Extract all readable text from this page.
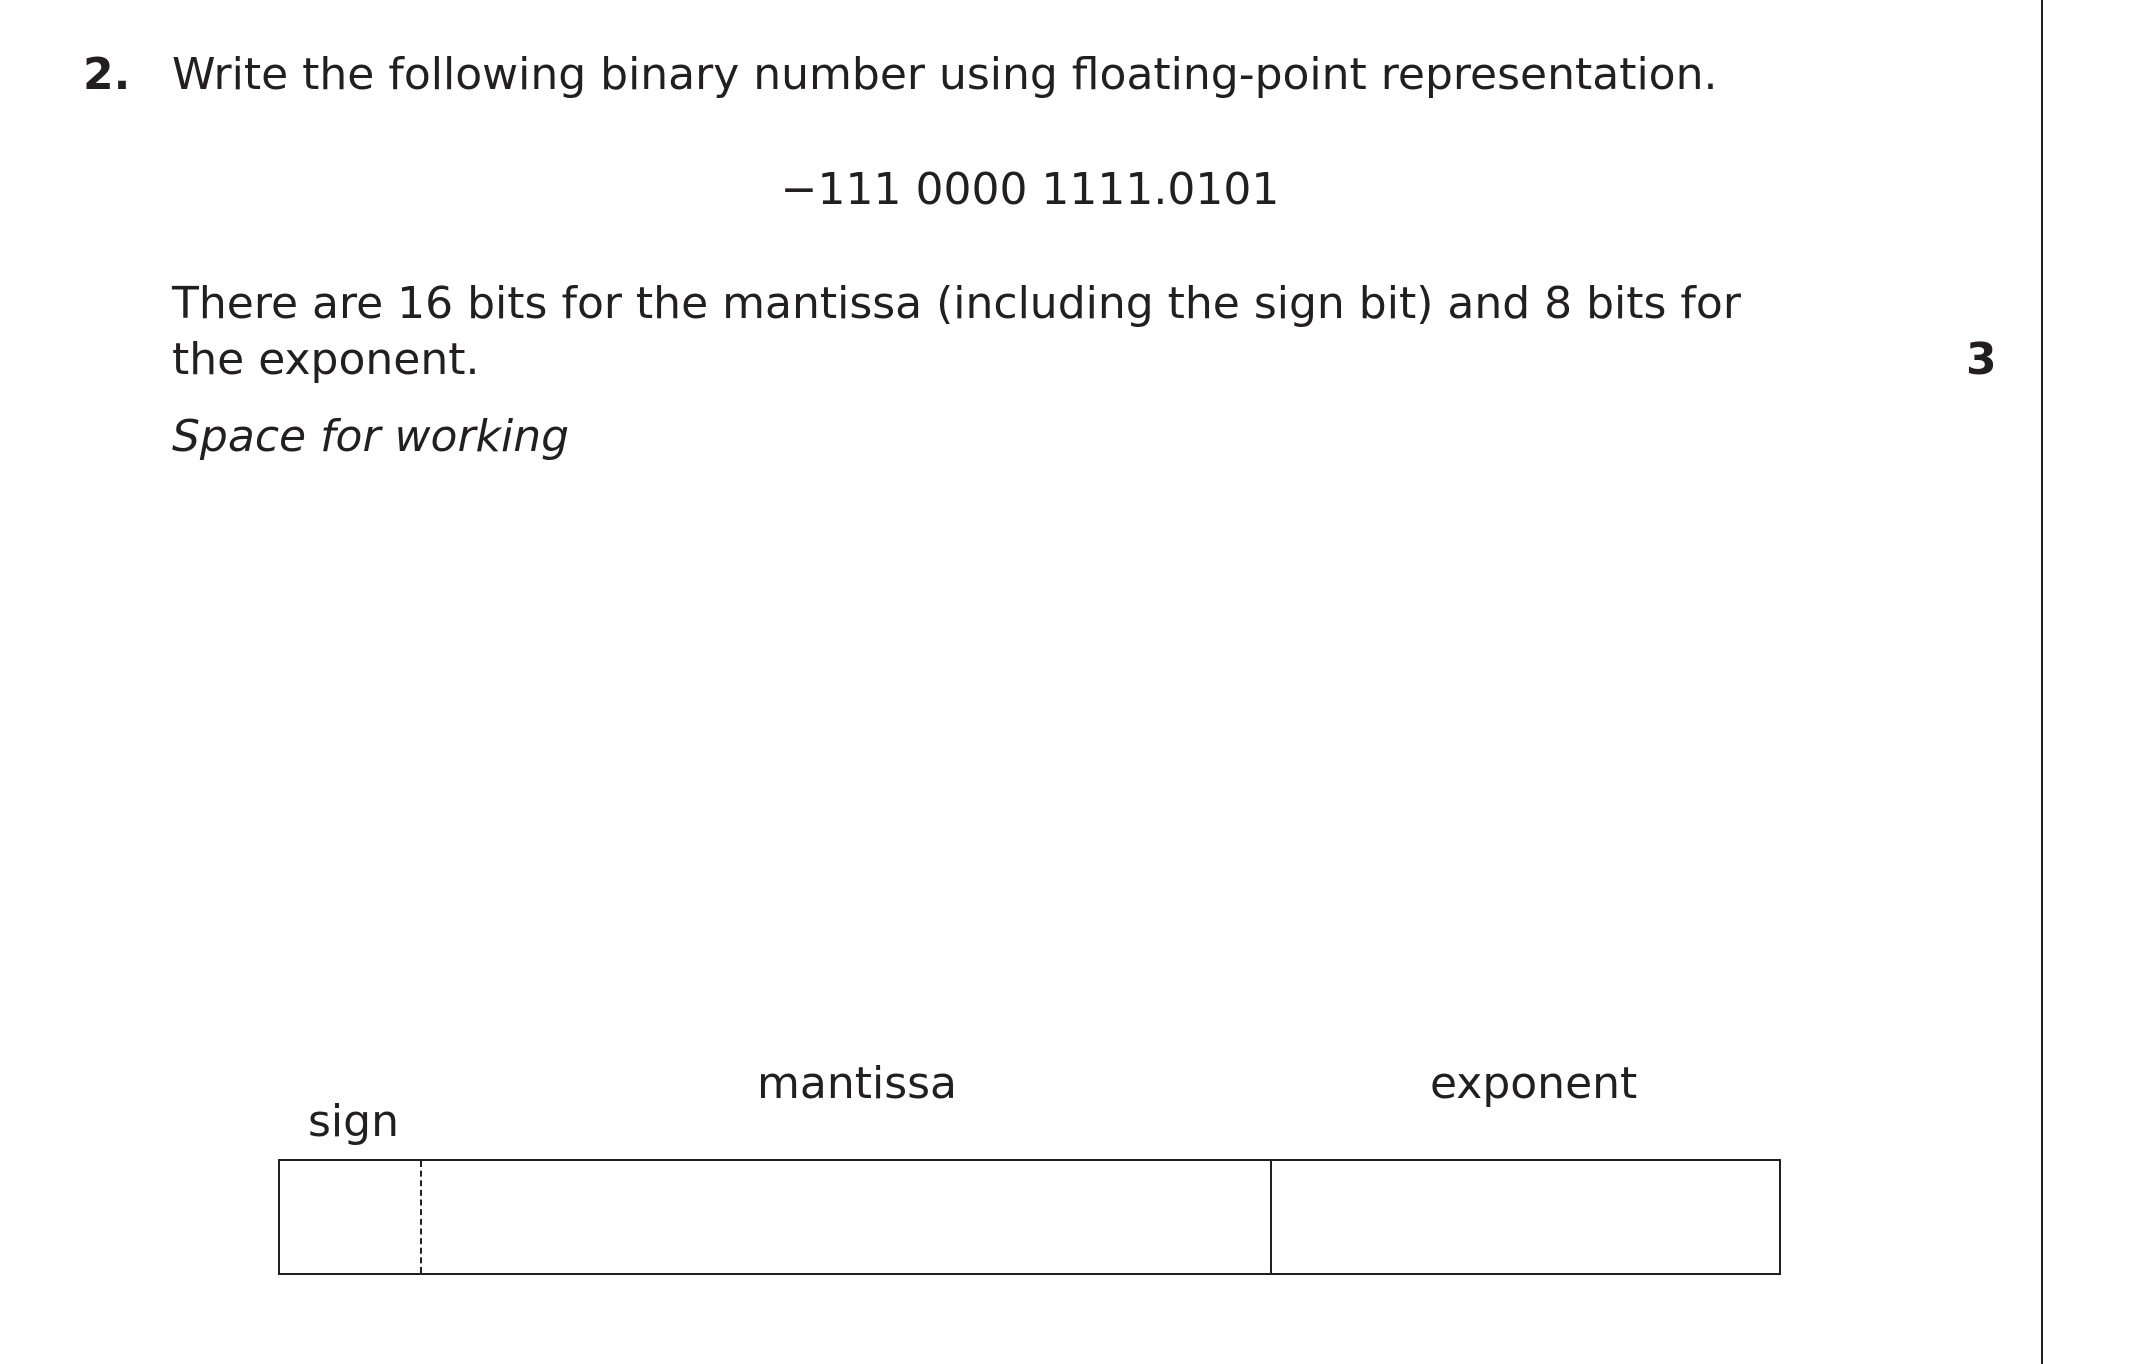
2. Write the following binary number using floating-point representation.
−111 0000 1111.0101
There are 16 bits for the mantissa (including the sign bit) and 8 bits for the exponent.	3
Space for working
sign
mantissa	exponent
